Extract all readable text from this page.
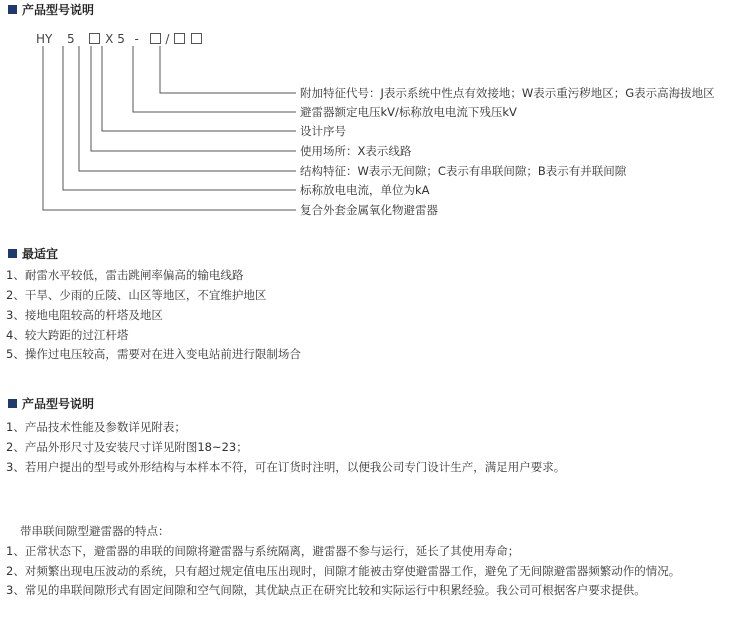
产品型号说明
HY 5	X 5 - /
附加特征代号：J表示系统中性点有效接地；W表示重污秽地区；G表示高海拔地区
避雷器额定电压kV/标称放电电流下残压kV
设计序号
使用场所：X表示线路
结构特征：W表示无间隙；C表示有串联间隙；B表示有并联间隙
标称放电电流，单位为kA
复合外套金属氧化物避雷器
最适宜
1、耐雷水平较低，雷击跳闸率偏高的输电线路
2、干旱、少雨的丘陵、山区等地区，不宜维护地区
3、接地电阻较高的杆塔及地区
4、较大跨距的过江杆塔
5、操作过电压较高，需要对在进入变电站前进行限制场合
产品型号说明
1、产品技术性能及参数详见附表；
2、产品外形尺寸及安装尺寸详见附图18~23；
3、若用户提出的型号或外形结构与本样本不符，可在订货时注明，以便我公司专门设计生产，满足用户要求。
带串联间隙型避雷器的特点：
1、正常状态下，避雷器的串联的间隙将避雷器与系统隔离，避雷器不参与运行，延长了其使用寿命；
2、对频繁出现电压波动的系统，只有超过规定值电压出现时，间隙才能被击穿使避雷器工作，避免了无间隙避雷器频繁动作的情况。
3、常见的串联间隙形式有固定间隙和空气间隙，其优缺点正在研究比较和实际运行中积累经验。我公司可根据客户要求提供。
